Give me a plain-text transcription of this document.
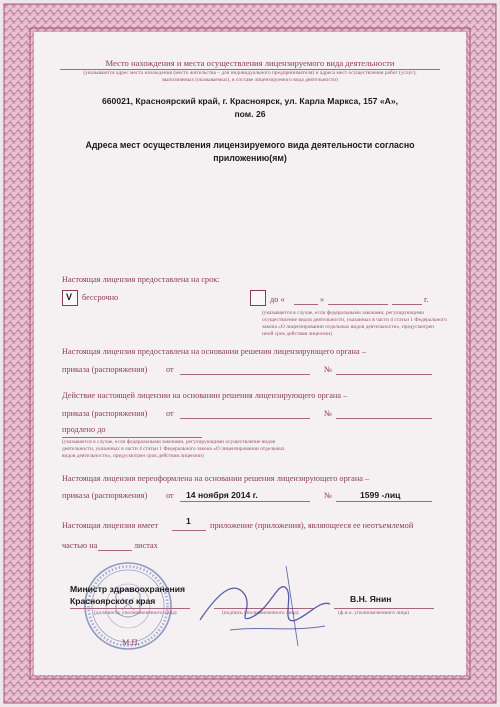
Место нахождения и места осуществления лицензируемого вида деятельности
(указываются адрес места нахождения (место жительства – для индивидуального предпринимателя) и адреса мест осуществления работ (услуг),
выполняемых (оказываемых), в составе лицензируемого вида деятельности)
660021, Красноярский край, г. Красноярск, ул. Карла Маркса, 157 «А»,
пом. 26
Адреса мест осуществления лицензируемого вида деятельности согласно
приложению(ям)
Настоящая лицензия предоставлена на срок:
V бессрочно	до «	»	г.
(указывается в случае, если федеральными законами, регулирующими
осуществление видов деятельности, указанных в части 4 статьи 1 Федерального
закона «О лицензировании отдельных видов деятельности», предусмотрен
иной срок действия лицензии)
Настоящая лицензия предоставлена на основании решения лицензирующего органа –
приказа (распоряжения) от	№
Действие настоящей лицензии на основании решения лицензирующего органа –
приказа (распоряжения) от	№
продлено до
(указывается в случае, если федеральными законами, регулирующими осуществление видов
деятельности, указанных в части 4 статьи 1 Федерального закона «О лицензировании отдельных
видов деятельности», предусмотрен срок действия лицензии)
Настоящая лицензия переоформлена на основании решения лицензирующего органа –
приказа (распоряжения) от 14 ноября 2014 г.	№	1599 -лиц
Настоящая лицензия имеет	1 приложение (приложения), являющееся ее неотъемлемой
частью на	листах
Министр здравоохранения
Красноярского края	В.Н. Янин
(должность уполномоченного лица)	(подпись уполномоченного лица)	(ф.и.о. уполномоченного лица)
М.П.
